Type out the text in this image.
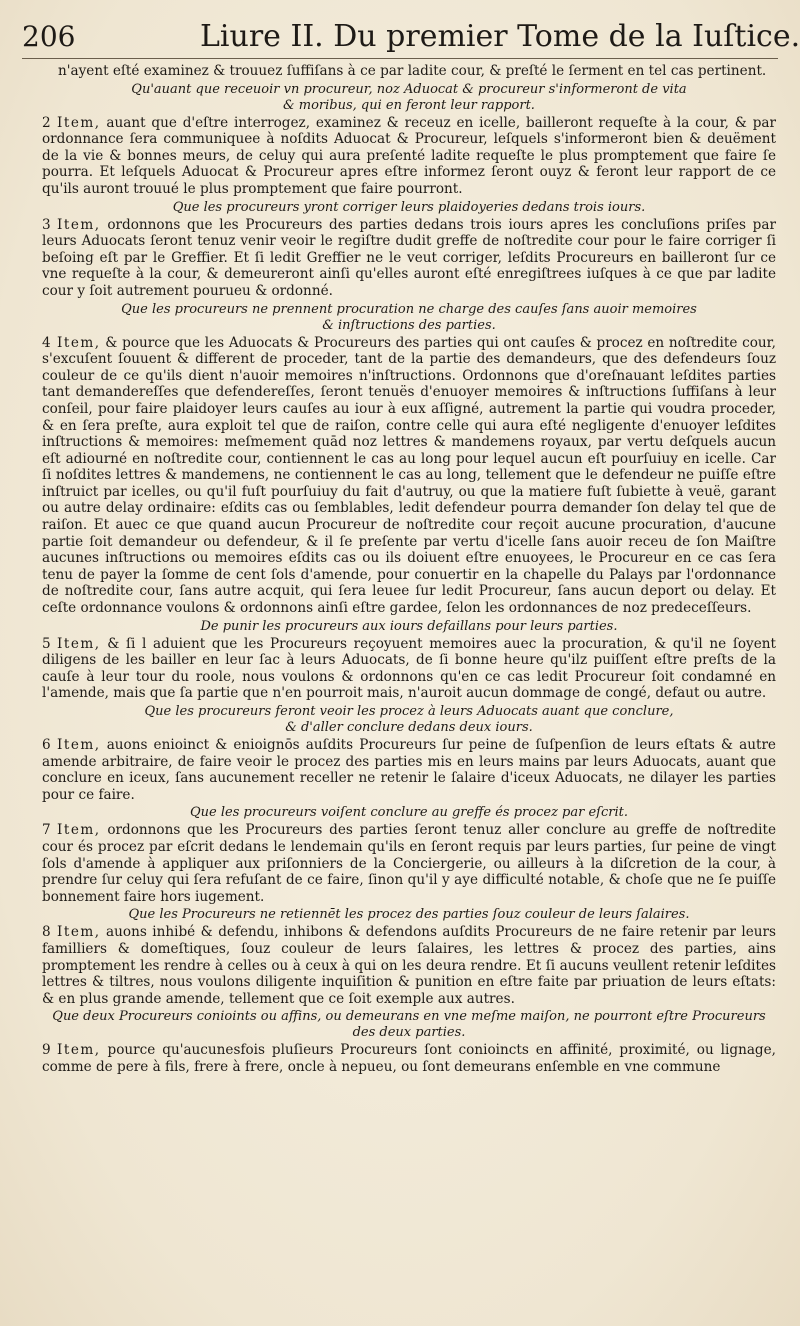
206	Liure II. Du premier Tome de la Iuſtice.

n'ayent eſté examinez & trouuez ſuffiſans à ce par ladite cour, & preſté le ſerment en tel cas pertinent.

Qu'auant que receuoir vn procureur, noz Aduocat & procureur s'informeront de vita
& moribus, qui en feront leur rapport.

2 Item, auant que d'eſtre interrogez, examinez & receuz en icelle, bailleront requeſte à la cour, & par ordonnance ſera communiquee à noſdits Aduocat & Procureur, leſquels s'informeront bien & deuëment de la vie & bonnes meurs, de celuy qui aura preſenté ladite requeſte le plus promptement que faire ſe pourra. Et leſquels Aduocat & Procureur apres eſtre informez ſeront ouyz & feront leur rapport de ce qu'ils auront trouué le plus promptement que faire pourront.

Que les procureurs yront corriger leurs plaidoyeries dedans trois iours.

3 Item, ordonnons que les Procureurs des parties dedans trois iours apres les concluſions priſes par leurs Aduocats ſeront tenuz venir veoir le regiſtre dudit greffe de noſtredite cour pour le faire corriger ſi beſoing eſt par le Greffier. Et ſi ledit Greffier ne le veut corriger, leſdits Procureurs en bailleront ſur ce vne requeſte à la cour, & demeureront ainſi qu'elles auront eſté enregiſtrees iuſques à ce que par ladite cour y ſoit autrement pourueu & ordonné.

Que les procureurs ne prennent procuration ne charge des cauſes ſans auoir memoires
& inſtructions des parties.

4 Item, & pource que les Aduocats & Procureurs des parties qui ont cauſes & procez en noſtredite cour, s'excuſent ſouuent & different de proceder, tant de la partie des demandeurs, que des defendeurs ſouz couleur de ce qu'ils dient n'auoir memoires n'inſtructions. Ordonnons que d'oreſnauant leſdites parties tant demandereſſes que defendereſſes, ſeront tenuës d'enuoyer memoires & inſtructions ſuffiſans à leur conſeil, pour faire plaidoyer leurs cauſes au iour à eux aſſigné, autrement la partie qui voudra proceder, & en ſera preſte, aura exploit tel que de raiſon, contre celle qui aura eſté negligente d'enuoyer leſdites inſtructions & memoires: meſmement quād noz lettres & mandemens royaux, par vertu deſquels aucun eſt adiourné en noſtredite cour, contiennent le cas au long pour lequel aucun eſt pourſuiuy en icelle. Car ſi noſdites lettres & mandemens, ne contiennent le cas au long, tellement que le defendeur ne puiſſe eſtre inſtruict par icelles, ou qu'il fuſt pourſuiuy du fait d'autruy, ou que la matiere fuſt ſubiette à veuë, garant ou autre delay ordinaire: eſdits cas ou ſemblables, ledit defendeur pourra demander ſon delay tel que de raiſon. Et auec ce que quand aucun Procureur de noſtredite cour reçoit aucune procuration, d'aucune partie ſoit demandeur ou defendeur, & il ſe preſente par vertu d'icelle ſans auoir receu de ſon Maiſtre aucunes inſtructions ou memoires eſdits cas ou ils doiuent eſtre enuoyees, le Procureur en ce cas ſera tenu de payer la ſomme de cent ſols d'amende, pour conuertir en la chapelle du Palays par l'ordonnance de noſtredite cour, ſans autre acquit, qui ſera leuee ſur ledit Procureur, ſans aucun deport ou delay. Et ceſte ordonnance voulons & ordonnons ainſi eſtre gardee, ſelon les ordonnances de noz predeceſſeurs.

De punir les procureurs aux iours defaillans pour leurs parties.

5 Item, & ſi l aduient que les Procureurs reçoyuent memoires auec la procuration, & qu'il ne ſoyent diligens de les bailler en leur ſac à leurs Aduocats, de ſi bonne heure qu'ilz puiſſent eſtre preſts de la cauſe à leur tour du roole, nous voulons & ordonnons qu'en ce cas ledit Procureur ſoit condamné en l'amende, mais que ſa partie que n'en pourroit mais, n'auroit aucun dommage de congé, defaut ou autre.

Que les procureurs feront veoir les procez à leurs Aduocats auant que conclure,
& d'aller conclure dedans deux iours.

6 Item, auons enioinct & enioignōs auſdits Procureurs ſur peine de ſuſpenſion de leurs eſtats & autre amende arbitraire, de faire veoir le procez des parties mis en leurs mains par leurs Aduocats, auant que conclure en iceux, ſans aucunement receller ne retenir le ſalaire d'iceux Aduocats, ne dilayer les parties pour ce faire.

Que les procureurs voiſent conclure au greffe és procez par eſcrit.

7 Item, ordonnons que les Procureurs des parties ſeront tenuz aller conclure au greffe de noſtredite cour és procez par eſcrit dedans le lendemain qu'ils en ſeront requis par leurs parties, ſur peine de vingt ſols d'amende à appliquer aux priſonniers de la Conciergerie, ou ailleurs à la diſcretion de la cour, à prendre ſur celuy qui ſera refuſant de ce faire, ſinon qu'il y aye difficulté notable, & choſe que ne ſe puiſſe bonnement faire hors iugement.

Que les Procureurs ne retiennēt les procez des parties ſouz couleur de leurs ſalaires.

8 Item, auons inhibé & defendu, inhibons & defendons auſdits Procureurs de ne faire retenir par leurs familliers & domeſtiques, ſouz couleur de leurs ſalaires, les lettres & procez des parties, ains promptement les rendre à celles ou à ceux à qui on les deura rendre. Et ſi aucuns veullent retenir leſdites lettres & tiltres, nous voulons diligente inquiſition & punition en eſtre faite par priuation de leurs eſtats: & en plus grande amende, tellement que ce ſoit exemple aux autres.

Que deux Procureurs conioints ou affins, ou demeurans en vne meſme maiſon, ne pourront eſtre Procureurs des deux parties.

9 Item, pource qu'aucunesfois pluſieurs Procureurs ſont conioincts en affinité, proximité, ou lignage, comme de pere à fils, frere à frere, oncle à nepueu, ou ſont demeurans enſemble en vne commune
